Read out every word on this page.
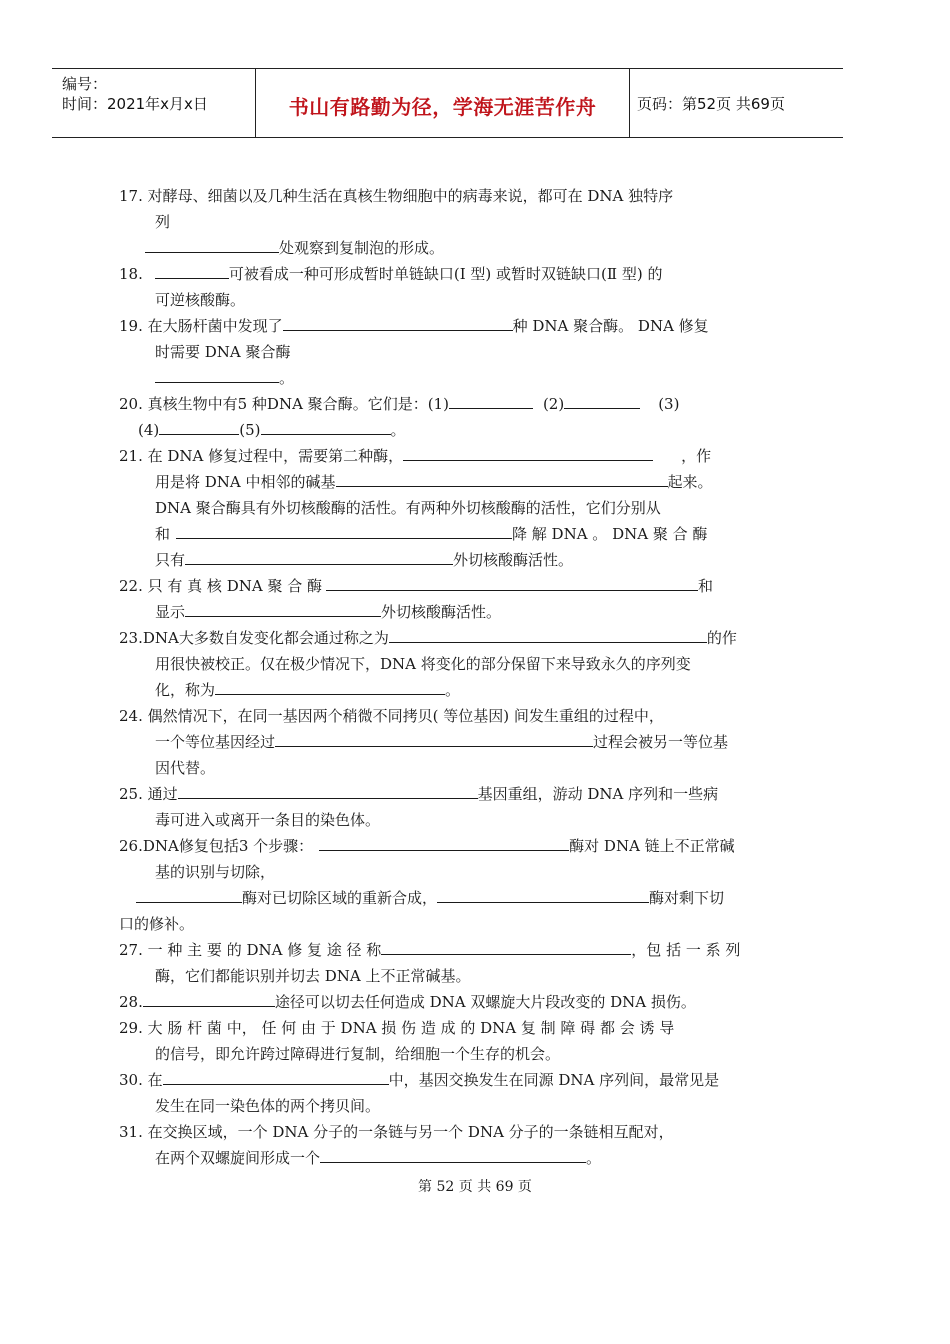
编号：
时间：2021年x月x日	书山有路勤为径，学海无涯苦作舟	页码：第52页 共69页
17. 对酵母、细菌以及几种生活在真核生物细胞中的病毒来说，都可在 DNA 独特序
列
处观察到复制泡的形成。
18.	可被看成一种可形成暂时单链缺口(Ⅰ 型) 或暂时双链缺口(Ⅱ 型) 的
可逆核酸酶。
19. 在大肠杆菌中发现了	种 DNA 聚合酶。 DNA 修复
时需要 DNA 聚合酶
。
20. 真核生物中有5 种DNA 聚合酶。它们是：(1)	(2)	(3)
(4)	(5)	。
21. 在 DNA 修复过程中，需要第二种酶，	，作
用是将 DNA 中相邻的碱基	起来。
DNA 聚合酶具有外切核酸酶的活性。有两种外切核酸酶的活性，它们分别从
和	降 解 DNA 。 DNA 聚 合 酶
只有	外切核酸酶活性。
22. 只 有 真 核 DNA 聚 合 酶	和
显示	外切核酸酶活性。
23.DNA大多数自发变化都会通过称之为	的作
用很快被校正。仅在极少情况下，DNA 将变化的部分保留下来导致永久的序列变
化，称为	。
24. 偶然情况下，在同一基因两个稍微不同拷贝( 等位基因) 间发生重组的过程中，
一个等位基因经过	过程会被另一等位基
因代替。
25. 通过	基因重组，游动 DNA 序列和一些病
毒可进入或离开一条目的染色体。
26.DNA修复包括3 个步骤：	酶对 DNA 链上不正常碱
基的识别与切除，
酶对已切除区域的重新合成，	酶对剩下切
口的修补。
27. 一 种 主 要 的 DNA 修 复 途 径 称	，包 括 一 系 列
酶，它们都能识别并切去 DNA 上不正常碱基。
28.	途径可以切去任何造成 DNA 双螺旋大片段改变的 DNA 损伤。
29. 大 肠 杆 菌 中， 任 何 由 于 DNA 损 伤 造 成 的 DNA 复 制 障 碍 都 会 诱 导
的信号，即允许跨过障碍进行复制，给细胞一个生存的机会。
30. 在	中，基因交换发生在同源 DNA 序列间，最常见是
发生在同一染色体的两个拷贝间。
31. 在交换区域，一个 DNA 分子的一条链与另一个 DNA 分子的一条链相互配对，
在两个双螺旋间形成一个	。
第 52 页 共 69 页
